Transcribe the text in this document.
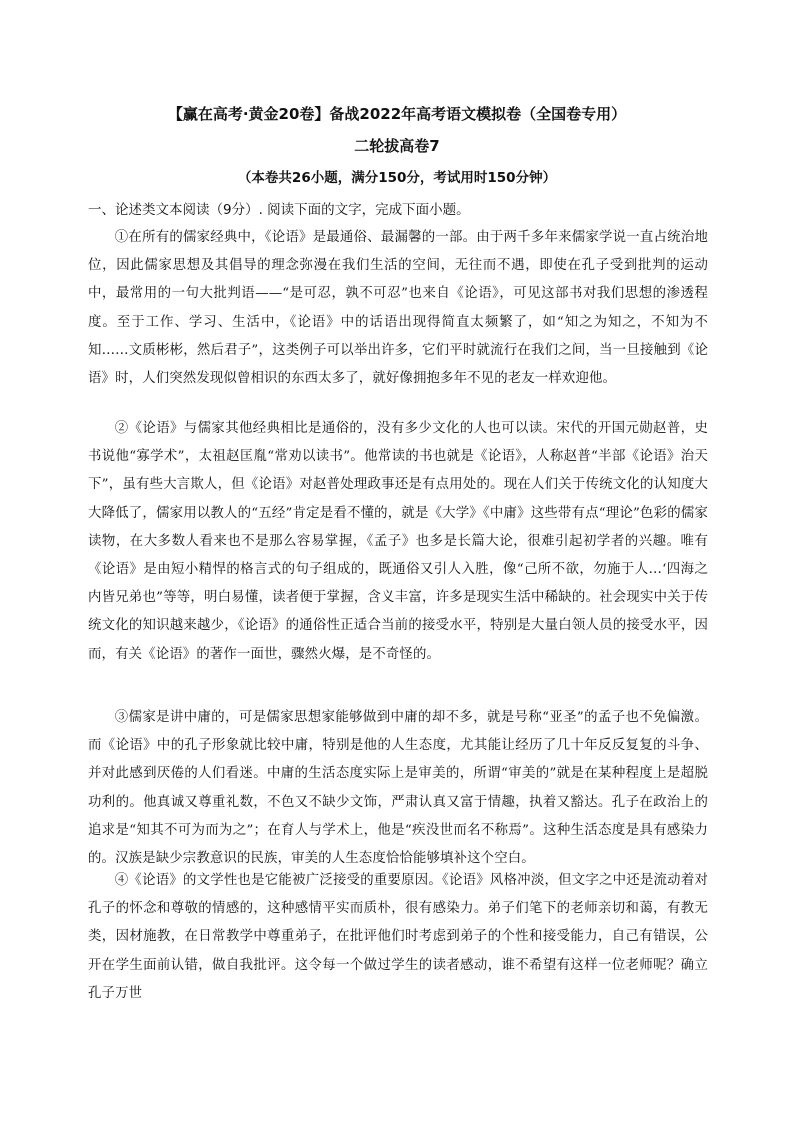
【赢在高考·黄金20卷】备战2022年高考语文模拟卷（全国卷专用）
二轮拔高卷7
（本卷共26小题，满分150分，考试用时150分钟）
一、论述类文本阅读（9分）. 阅读下面的文字，完成下面小题。

①在所有的儒家经典中，《论语》是最通俗、最漏馨的一部。由于两千多年来儒家学说一直占统治地位，因此儒家思想及其倡导的理念弥漫在我们生活的空间，无往而不遇，即使在孔子受到批判的运动中，最常用的一句大批判语——“是可忍，孰不可忍”也来自《论语》，可见这部书对我们思想的渗透程度。至于工作、学习、生活中，《论语》中的话语出现得简直太频繁了，如“知之为知之，不知为不知……文质彬彬，然后君子”，这类例子可以举出许多，它们平时就流行在我们之间，当一旦接触到《论语》时，人们突然发现似曾相识的东西太多了，就好像拥抱多年不见的老友一样欢迎他。

②《论语》与儒家其他经典相比是通俗的，没有多少文化的人也可以读。宋代的开国元勋赵普，史书说他“寡学术”，太祖赵匡胤“常劝以读书”。他常读的书也就是《论语》，人称赵普“半部《论语》治天下”，虽有些大言欺人，但《论语》对赵普处理政事还是有点用处的。现在人们关于传统文化的认知度大大降低了，儒家用以教人的“五经”肯定是看不懂的，就是《大学》《中庸》这些带有点“理论”色彩的儒家读物，在大多数人看来也不是那么容易掌握，《孟子》也多是长篇大论，很难引起初学者的兴趣。唯有《论语》是由短小精悍的格言式的句子组成的，既通俗又引人入胜，像“己所不欲，勿施于人…‘四海之内皆兄弟也”等等，明白易懂，读者便于掌握，含义丰富，许多是现实生活中稀缺的。社会现实中关于传统文化的知识越来越少，《论语》的通俗性正适合当前的接受水平，特别是大量白领人员的接受水平，因而，有关《论语》的著作一面世，骤然火爆，是不奇怪的。

③儒家是讲中庸的，可是儒家思想家能够做到中庸的却不多，就是号称“亚圣”的孟子也不免偏激。而《论语》中的孔子形象就比较中庸，特别是他的人生态度，尤其能让经历了几十年反反复复的斗争、并对此感到厌倦的人们看迷。中庸的生活态度实际上是审美的，所谓“审美的”就是在某种程度上是超脱功利的。他真诚又尊重礼数，不色又不缺少文饰，严肃认真又富于情趣，执着又豁达。孔子在政治上的追求是“知其不可为而为之”；在育人与学术上，他是“疾没世而名不称焉”。这种生活态度是具有感染力的。汉族是缺少宗教意识的民族，审美的人生态度恰恰能够填补这个空白。

④《论语》的文学性也是它能被广泛接受的重要原因。《论语》风格冲淡，但文字之中还是流动着对孔子的怀念和尊敬的情感的，这种感情平实而质朴，很有感染力。弟子们笔下的老师亲切和蔼，有教无类，因材施教，在日常教学中尊重弟子，在批评他们时考虑到弟子的个性和接受能力，自己有错误，公开在学生面前认错，做自我批评。这令每一个做过学生的读者感动，谁不希望有这样一位老师呢？确立孔子万世
